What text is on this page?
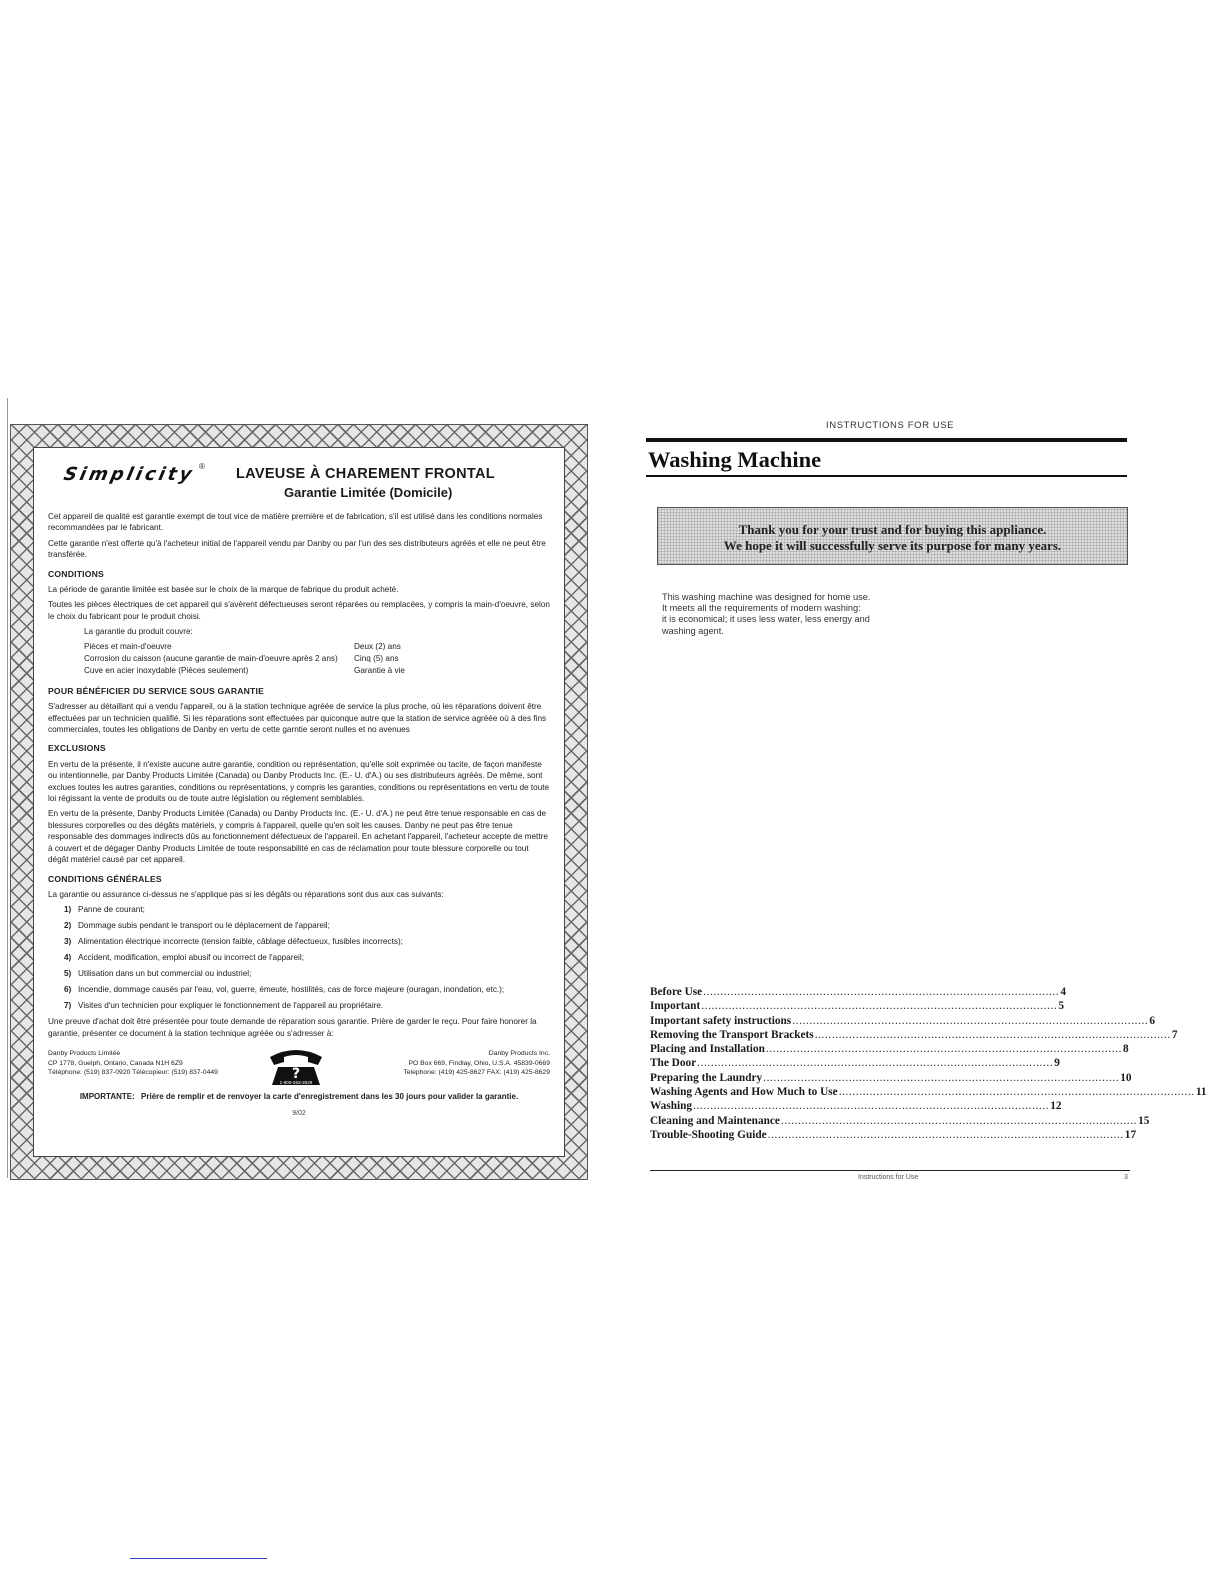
Simplicity ® LAVEUSE À CHAREMENT FRONTAL
Garantie Limitée (Domicile)

Cet appareil de qualité est garantie exempt de tout vice de matière première et de fabrication, s'il est utilisé dans les conditions normales recommandées par le fabricant.

Cette garantie n'est offerte qu'à l'acheteur initial de l'appareil vendu par Danby ou par l'un des ses distributeurs agréés et elle ne peut être transférée.

CONDITIONS

La période de garantie limitée est basée sur le choix de la marque de fabrique du produit acheté.

Toutes les pièces électriques de cet appareil qui s'avèrent défectueuses seront réparées ou remplacées, y compris la main-d'oeuvre, selon le choix du fabricant pour le produit choisi.

La garantie du produit couvre:
Pièces et main-d'oeuvre	Deux (2) ans
Corrosion du caisson (aucune garantie de main-d'oeuvre après 2 ans)	Cinq (5) ans
Cuve en acier inoxydable (Pièces seulement)	Garantie à vie
POUR BÉNÉFICIER DU SERVICE SOUS GARANTIE

S'adresser au détaillant qui a vendu l'appareil, ou à la station technique agréée de service la plus proche, où les réparations doivent être effectuées par un technicien qualifié. Si les réparations sont effectuées par quiconque autre que la station de service agréée où à des fins commerciales, toutes les obligations de Danby en vertu de cette garntie seront nulles et no avenues

EXCLUSIONS

En vertu de la présente, il n'existe aucune autre garantie, condition ou représentation, qu'elle soit exprimée ou tacite, de façon manifeste ou intentionnelle, par Danby Products Limitée (Canada) ou Danby Products Inc. (E.- U. d'A.) ou ses distributeurs agréés. De même, sont exclues toutes les autres garanties, conditions ou représentations, y compris les garanties, conditions ou représentations en vertu de toute loi régissant la vente de produits ou de toute autre législation ou règlement semblables.

En vertu de la présente, Danby Products Limitée (Canada) ou Danby Products Inc. (E.- U. d'A.) ne peut être tenue responsable en cas de blessures corporelles ou des dégâts matériels, y compris à l'appareil, quelle qu'en soit les causes. Danby ne peut pas être tenue responsable des dommages indirects dûs au fonctionnement défectueux de l'appareil. En achetant l'appareil, l'acheteur accepte de mettre à couvert et de dégager Danby Products Limitée de toute responsabilité en cas de réclamation pour toute blessure corporelle ou tout dégât matériel causé par cet appareil.

CONDITIONS GÉNÉRALES

La garantie ou assurance ci-dessus ne s'applique pas si les dégâts ou réparations sont dus aux cas suivants:

1) Panne de courant;
2) Dommage subis pendant le transport ou le déplacement de l'appareil;
3) Alimentation électrique incorrecte (tension faible, câblage défectueux, fusibles incorrects);
4) Accident, modification, emploi abusif ou incorrect de l'appareil;
5) Utilisation dans un but commercial ou industriel;
6) Incendie, dommage causés par l'eau, vol, guerre, émeute, hostilités, cas de force majeure (ouragan, inondation, etc.);
7) Visites d'un technicien pour expliquer le fonctionnement de l'appareil au propriétaire.

Une preuve d'achat doit être présentée pour toute demande de réparation sous garantie. Prière de garder le reçu. Pour faire honorer la garantie, présenter ce document à la station technique agréée ou s'adresser à:

Danby Products Limitée
CP 1778, Guelph, Ontario, Canada N1H 6Z9
Téléphone: (519) 837-0920 Télécopieur: (519) 837-0449	?
1-800-263-2629
Danby Products Inc.
PO Box 669, Findlay, Ohio, U.S.A. 45839-0669
Telephone: (419) 425-8627 FAX: (419) 425-8629
IMPORTANTE: Prière de remplir et de renvoyer la carte d'enregistrement dans les 30 jours pour valider la garantie.
9/02
INSTRUCTIONS FOR USE
Washing Machine
Thank you for your trust and for buying this appliance.
We hope it will successfully serve its purpose for many years.

This washing machine was designed for home use.

It meets all the requirements of modern washing:

it is economical; it uses less water, less energy and washing agent.

Before Use ........................................................................................................ 4
Important ........................................................................................................ 5
Important safety instructions ........................................................................................................ 6
Removing the Transport Brackets ........................................................................................................ 7
Placing and Installation ........................................................................................................ 8
The Door ........................................................................................................ 9
Preparing the Laundry ........................................................................................................ 10
Washing Agents and How Much to Use ........................................................................................................ 11
Washing ........................................................................................................ 12
Cleaning and Maintenance ........................................................................................................ 15
Trouble-Shooting Guide ........................................................................................................ 17
Instructions for Use	3
